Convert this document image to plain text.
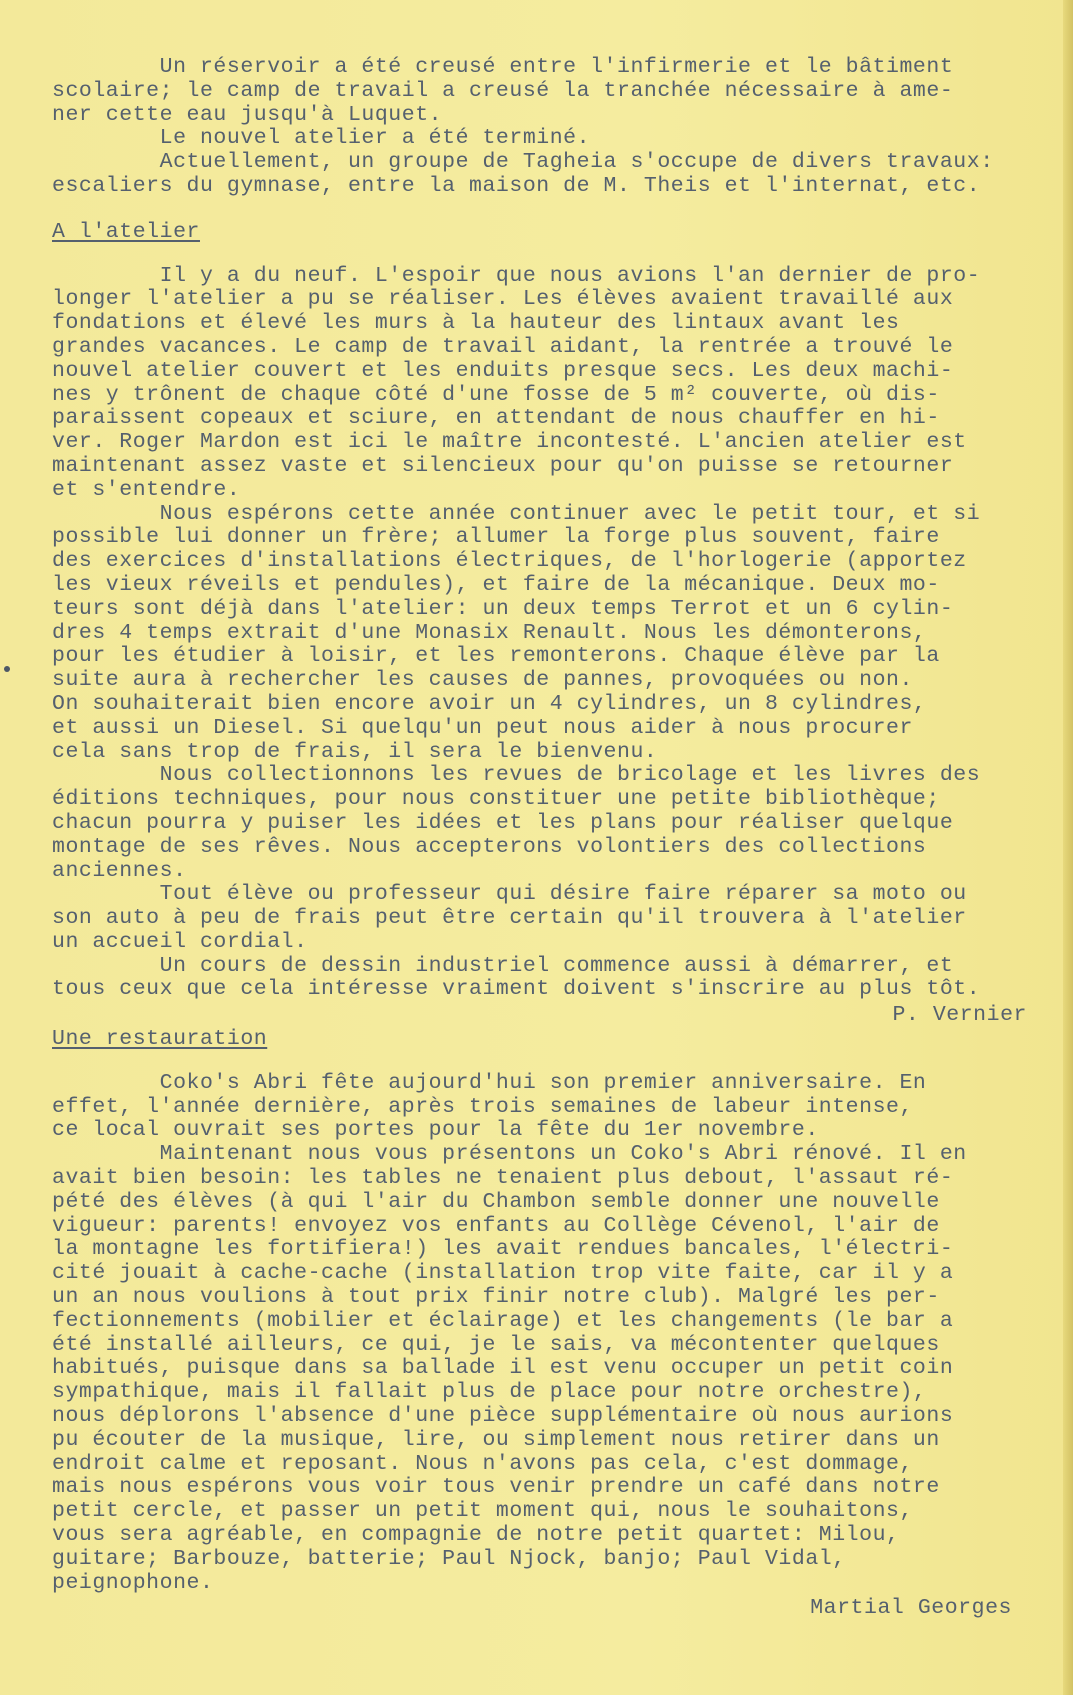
Un réservoir a été creusé entre l'infirmerie et le bâtiment

scolaire; le camp de travail a creusé la tranchée nécessaire à ame-

ner cette eau jusqu'à Luquet.

Le nouvel atelier a été terminé.

Actuellement, un groupe de Tagheia s'occupe de divers travaux:

escaliers du gymnase, entre la maison de M. Theis et l'internat, etc.

A l'atelier

Il y a du neuf. L'espoir que nous avions l'an dernier de pro-

longer l'atelier a pu se réaliser. Les élèves avaient travaillé aux

fondations et élevé les murs à la hauteur des lintaux avant les

grandes vacances. Le camp de travail aidant, la rentrée a trouvé le

nouvel atelier couvert et les enduits presque secs. Les deux machi-

nes y trônent de chaque côté d'une fosse de 5 m² couverte, où dis-

paraissent copeaux et sciure, en attendant de nous chauffer en hi-

ver. Roger Mardon est ici le maître incontesté. L'ancien atelier est

maintenant assez vaste et silencieux pour qu'on puisse se retourner

et s'entendre.

Nous espérons cette année continuer avec le petit tour, et si

possible lui donner un frère; allumer la forge plus souvent, faire

des exercices d'installations électriques, de l'horlogerie (apportez

les vieux réveils et pendules), et faire de la mécanique. Deux mo-

teurs sont déjà dans l'atelier: un deux temps Terrot et un 6 cylin-

dres 4 temps extrait d'une Monasix Renault. Nous les démonterons,

pour les étudier à loisir, et les remonterons. Chaque élève par la

suite aura à rechercher les causes de pannes, provoquées ou non.

On souhaiterait bien encore avoir un 4 cylindres, un 8 cylindres,

et aussi un Diesel. Si quelqu'un peut nous aider à nous procurer

cela sans trop de frais, il sera le bienvenu.

Nous collectionnons les revues de bricolage et les livres des

éditions techniques, pour nous constituer une petite bibliothèque;

chacun pourra y puiser les idées et les plans pour réaliser quelque

montage de ses rêves. Nous accepterons volontiers des collections

anciennes.

Tout élève ou professeur qui désire faire réparer sa moto ou

son auto à peu de frais peut être certain qu'il trouvera à l'atelier

un accueil cordial.

Un cours de dessin industriel commence aussi à démarrer, et

tous ceux que cela intéresse vraiment doivent s'inscrire au plus tôt.

P. Vernier

Une restauration

Coko's Abri fête aujourd'hui son premier anniversaire. En

effet, l'année dernière, après trois semaines de labeur intense,

ce local ouvrait ses portes pour la fête du 1er novembre.

Maintenant nous vous présentons un Coko's Abri rénové. Il en

avait bien besoin: les tables ne tenaient plus debout, l'assaut ré-

pété des élèves (à qui l'air du Chambon semble donner une nouvelle

vigueur: parents! envoyez vos enfants au Collège Cévenol, l'air de

la montagne les fortifiera!) les avait rendues bancales, l'électri-

cité jouait à cache-cache (installation trop vite faite, car il y a

un an nous voulions à tout prix finir notre club). Malgré les per-

fectionnements (mobilier et éclairage) et les changements (le bar a

été installé ailleurs, ce qui, je le sais, va mécontenter quelques

habitués, puisque dans sa ballade il est venu occuper un petit coin

sympathique, mais il fallait plus de place pour notre orchestre),

nous déplorons l'absence d'une pièce supplémentaire où nous aurions

pu écouter de la musique, lire, ou simplement nous retirer dans un

endroit calme et reposant. Nous n'avons pas cela, c'est dommage,

mais nous espérons vous voir tous venir prendre un café dans notre

petit cercle, et passer un petit moment qui, nous le souhaitons,

vous sera agréable, en compagnie de notre petit quartet: Milou,

guitare; Barbouze, batterie; Paul Njock, banjo; Paul Vidal,

peignophone.

Martial Georges
